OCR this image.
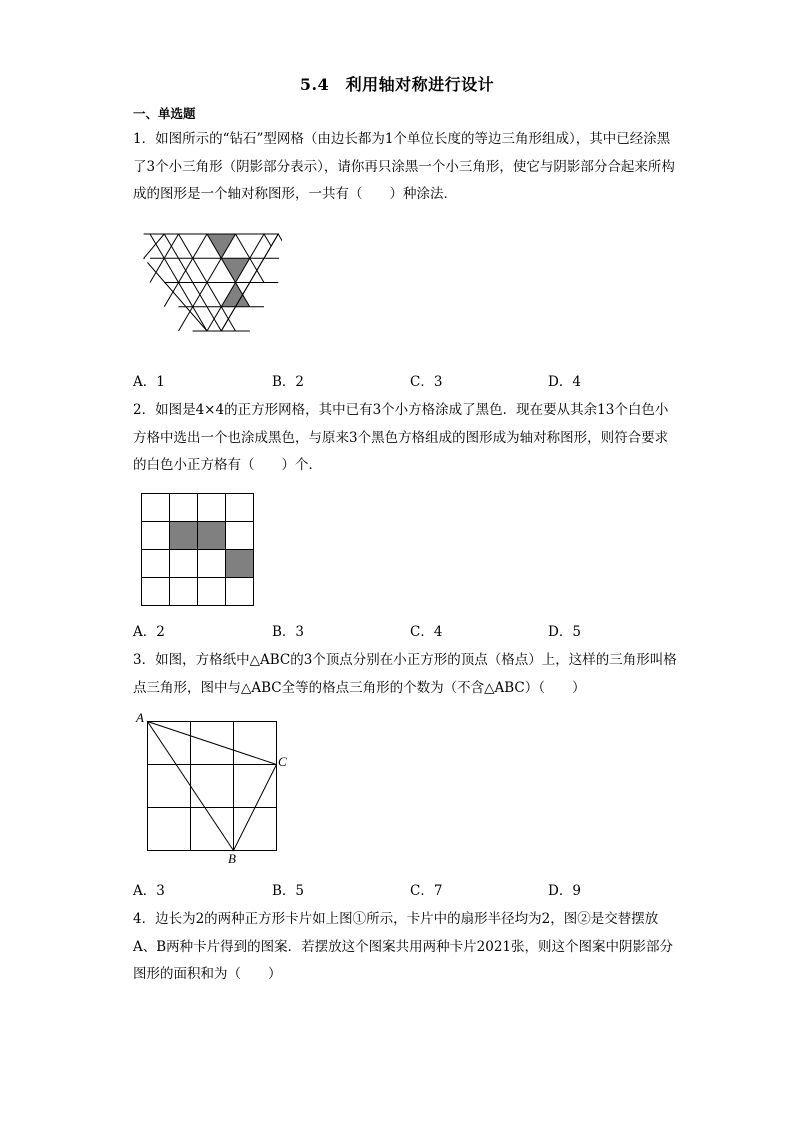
5.4　利用轴对称进行设计
一、单选题
1．如图所示的“钻石”型网格（由边长都为1个单位长度的等边三角形组成），其中已经涂黑了3个小三角形（阴影部分表示），请你再只涂黑一个小三角形，使它与阴影部分合起来所构成的图形是一个轴对称图形，一共有（　　）种涂法．
A．1	B．2	C．3	D．4
2．如图是4×4的正方形网格，其中已有3个小方格涂成了黑色．现在要从其余13个白色小方格中选出一个也涂成黑色，与原来3个黑色方格组成的图形成为轴对称图形，则符合要求的白色小正方格有（　　）个．
A．2	B．3	C．4	D．5
3．如图，方格纸中△ABC的3个顶点分别在小正方形的顶点（格点）上，这样的三角形叫格点三角形，图中与△ABC全等的格点三角形的个数为（不含△ABC）（　　）
A
B
C
A．3	B．5	C．7	D．9
4．边长为2的两种正方形卡片如上图①所示，卡片中的扇形半径均为2，图②是交替摆放A、B两种卡片得到的图案．若摆放这个图案共用两种卡片2021张，则这个图案中阴影部分图形的面积和为（　　）
